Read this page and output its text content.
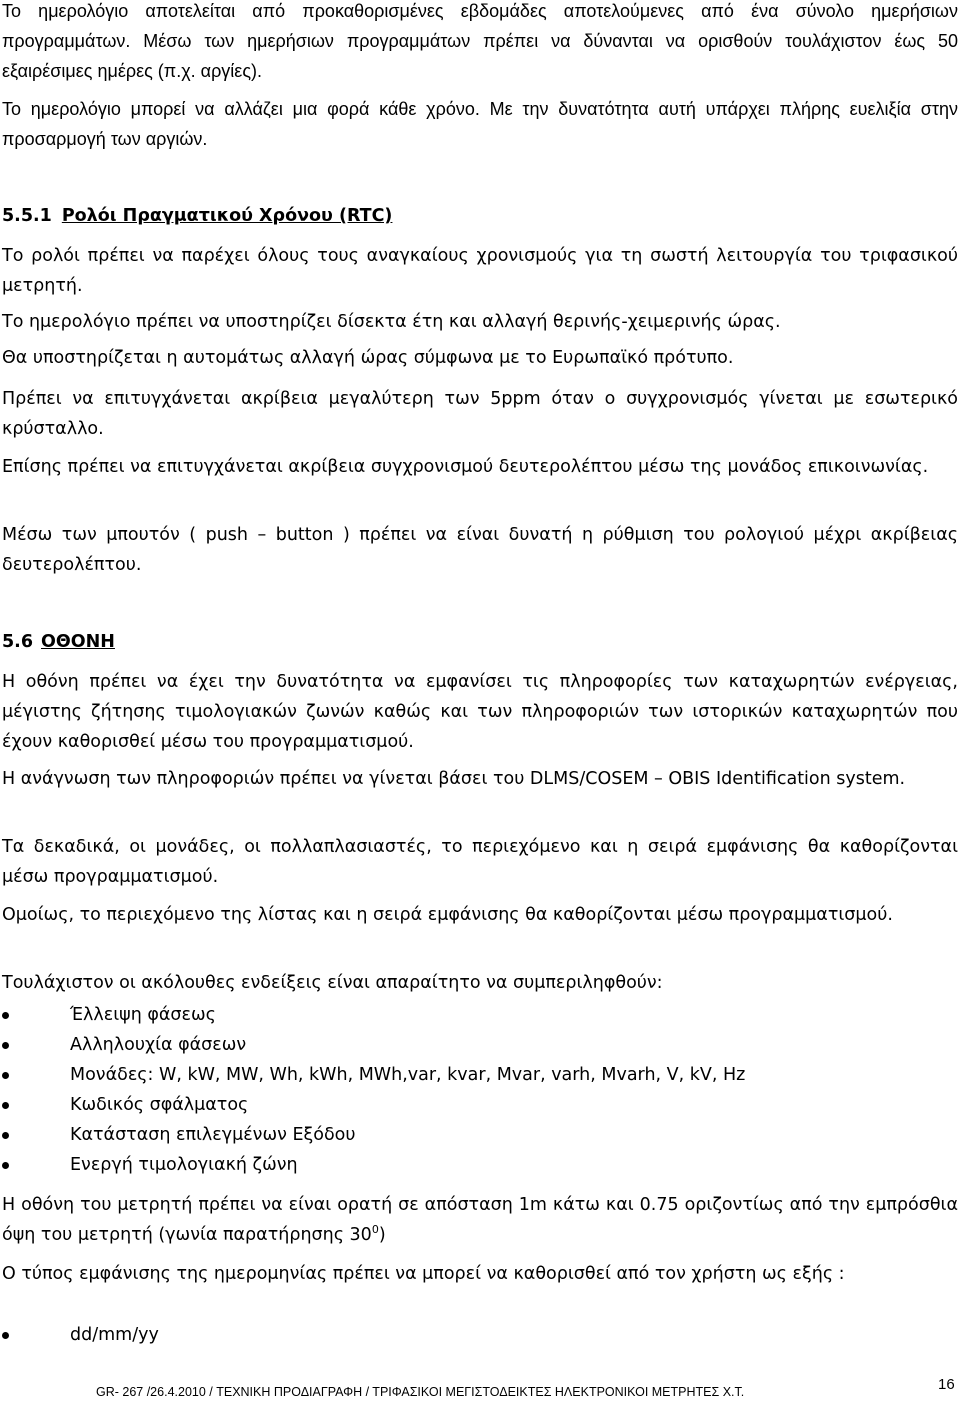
Το ημερολόγιο αποτελείται από προκαθορισμένες εβδομάδες αποτελούμενες από ένα σύνολο ημερήσιων προγραμμάτων. Μέσω των ημερήσιων προγραμμάτων πρέπει να δύνανται να ορισθούν τουλάχιστον έως 50 εξαιρέσιμες ημέρες (π.χ. αργίες).

Το ημερολόγιο μπορεί να αλλάζει μια φορά κάθε χρόνο. Με την δυνατότητα αυτή υπάρχει πλήρης ευελιξία στην προσαρμογή των αργιών.

5.5.1 Ρολόι Πραγματικού Χρόνου (RTC)

Το ρολόι πρέπει να παρέχει όλους τους αναγκαίους χρονισμούς για τη σωστή λειτουργία του τριφασικού μετρητή.

Το ημερολόγιο πρέπει να υποστηρίζει δίσεκτα έτη και αλλαγή θερινής-χειμερινής ώρας.

Θα υποστηρίζεται η αυτομάτως αλλαγή ώρας σύμφωνα με το Ευρωπαϊκό πρότυπο.

Πρέπει να επιτυγχάνεται ακρίβεια μεγαλύτερη των 5ppm όταν ο συγχρονισμός γίνεται με εσωτερικό κρύσταλλο.

Επίσης πρέπει να επιτυγχάνεται ακρίβεια συγχρονισμού δευτερολέπτου μέσω της μονάδος επικοινωνίας.

Μέσω των μπουτόν ( push – button ) πρέπει να είναι δυνατή η ρύθμιση του ρολογιού μέχρι ακρίβειας δευτερολέπτου.

5.6 ΟΘΟΝΗ

Η οθόνη πρέπει να έχει την δυνατότητα να εμφανίσει τις πληροφορίες των καταχωρητών ενέργειας, μέγιστης ζήτησης τιμολογιακών ζωνών καθώς και των πληροφοριών των ιστορικών καταχωρητών που έχουν καθορισθεί μέσω του προγραμματισμού.

Η ανάγνωση των πληροφοριών πρέπει να γίνεται βάσει του DLMS/COSEM – OBIS Identification system.

Τα δεκαδικά, οι μονάδες, οι πολλαπλασιαστές, το περιεχόμενο και η σειρά εμφάνισης θα καθορίζονται μέσω προγραμματισμού.

Ομοίως, το περιεχόμενο της λίστας και η σειρά εμφάνισης θα καθορίζονται μέσω προγραμματισμού.

Τουλάχιστον οι ακόλουθες ενδείξεις είναι απαραίτητο να συμπεριληφθούν:

Έλλειψη φάσεως
Αλληλουχία φάσεων
Μονάδες: W, kW, MW, Wh, kWh, MWh,var, kvar, Mvar, varh, Mvarh, V, kV, Hz
Κωδικός σφάλματος
Κατάσταση επιλεγμένων Εξόδου
Ενεργή τιμολογιακή ζώνη

Η οθόνη του μετρητή πρέπει να είναι ορατή σε απόσταση 1m κάτω και 0.75 οριζοντίως από την εμπρόσθια όψη του μετρητή (γωνία παρατήρησης $30^0$)

Ο τύπος εμφάνισης της ημερομηνίας πρέπει να μπορεί να καθορισθεί από τον χρήστη ως εξής :

dd/mm/yy
GR- 267 /26.4.2010 / ΤΕΧΝΙΚΗ ΠΡΟΔΙΑΓΡΑΦΗ / ΤΡΙΦΑΣΙΚΟΙ ΜΕΓΙΣΤΟΔΕΙΚΤΕΣ ΗΛΕΚΤΡΟΝΙΚΟΙ ΜΕΤΡΗΤΕΣ Χ.Τ.	16
